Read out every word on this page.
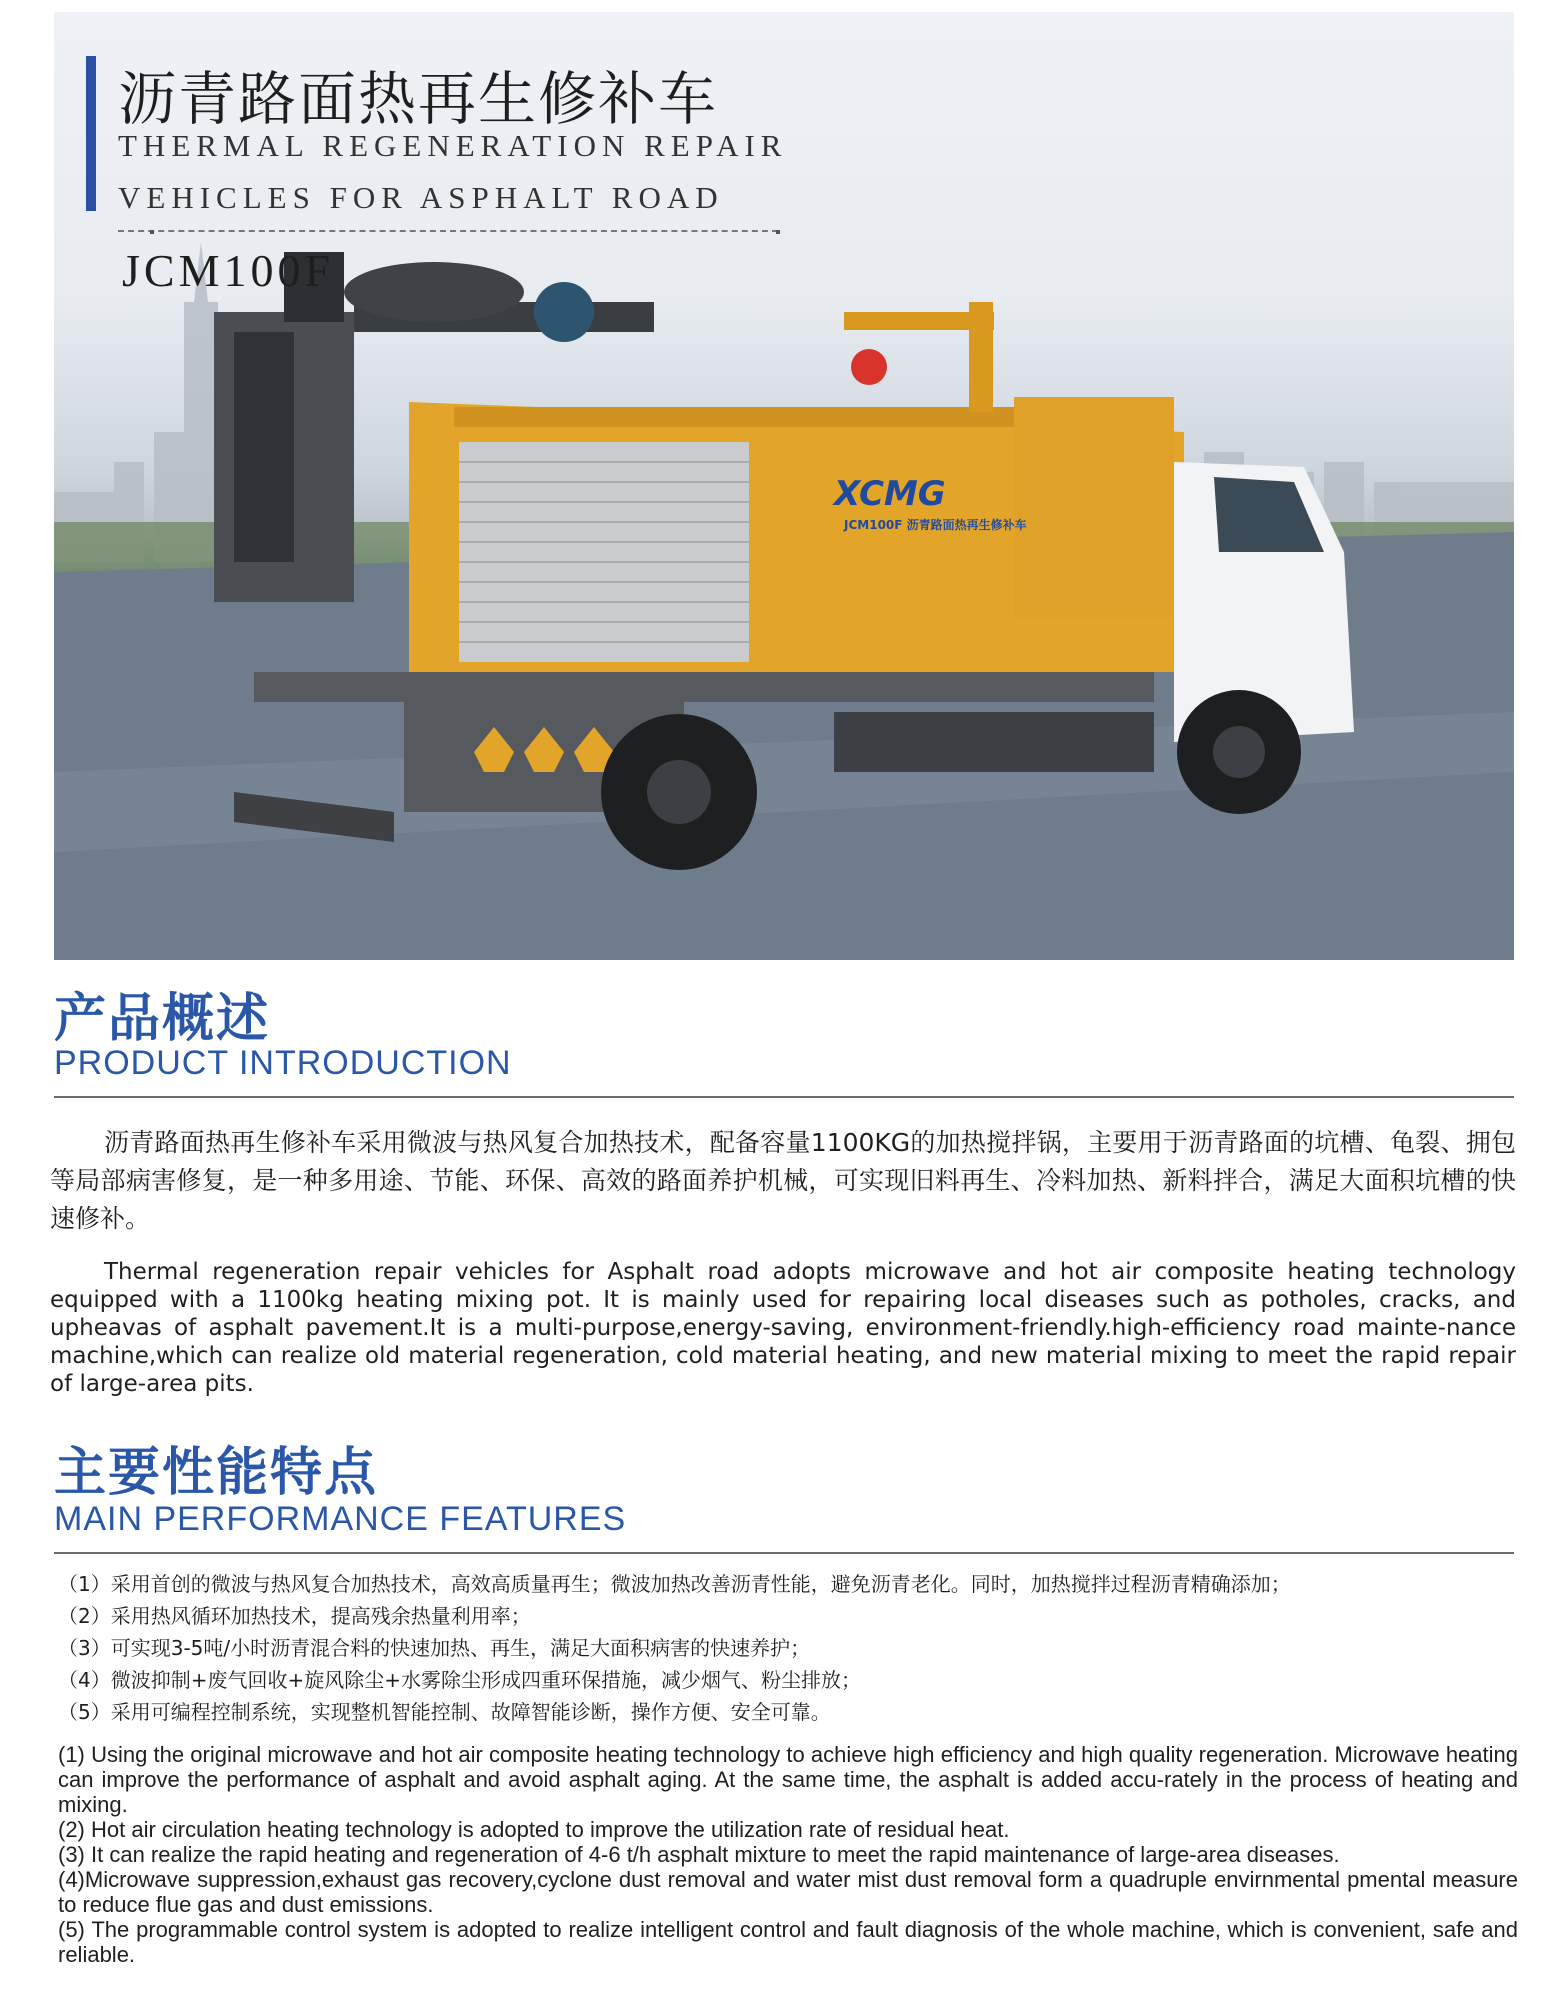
XCMG
JCM100F 沥青路面热再生修补车
沥青路面热再生修补车
THERMAL REGENERATION REPAIR
VEHICLES FOR ASPHALT ROAD
JCM100F
产品概述
PRODUCT INTRODUCTION

沥青路面热再生修补车采用微波与热风复合加热技术，配备容量1100KG的加热搅拌锅，主要用于沥青路面的坑槽、龟裂、拥包等局部病害修复，是一种多用途、节能、环保、高效的路面养护机械，可实现旧料再生、冷料加热、新料拌合，满足大面积坑槽的快速修补。

Thermal regeneration repair vehicles for Asphalt road adopts microwave and hot air composite heating technology equipped with a 1100kg heating mixing pot. It is mainly used for repairing local diseases such as potholes, cracks, and upheavas of asphalt pavement.It is a multi-purpose,energy-saving, environment-friendly.high-efficiency road mainte-nance machine,which can realize old material regeneration, cold material heating, and new material mixing to meet the rapid repair of large-area pits.

主要性能特点
MAIN PERFORMANCE FEATURES
（1）采用首创的微波与热风复合加热技术，高效高质量再生；微波加热改善沥青性能，避免沥青老化。同时，加热搅拌过程沥青精确添加；
（2）采用热风循环加热技术，提高残余热量利用率；
（3）可实现3-5吨/小时沥青混合料的快速加热、再生，满足大面积病害的快速养护；
（4）微波抑制+废气回收+旋风除尘+水雾除尘形成四重环保措施，减少烟气、粉尘排放；
（5）采用可编程控制系统，实现整机智能控制、故障智能诊断，操作方便、安全可靠。
(1) Using the original microwave and hot air composite heating technology to achieve high efficiency and high quality regeneration. Microwave heating can improve the performance of asphalt and avoid asphalt aging. At the same time, the asphalt is added accu-rately in the process of heating and mixing.
(2) Hot air circulation heating technology is adopted to improve the utilization rate of residual heat.
(3) It can realize the rapid heating and regeneration of 4-6 t/h asphalt mixture to meet the rapid maintenance of large-area diseases.
(4)Microwave suppression,exhaust gas recovery,cyclone dust removal and water mist dust removal form a quadruple envirnmental pmental measure to reduce flue gas and dust emissions.
(5) The programmable control system is adopted to realize intelligent control and fault diagnosis of the whole machine, which is convenient, safe and reliable.
